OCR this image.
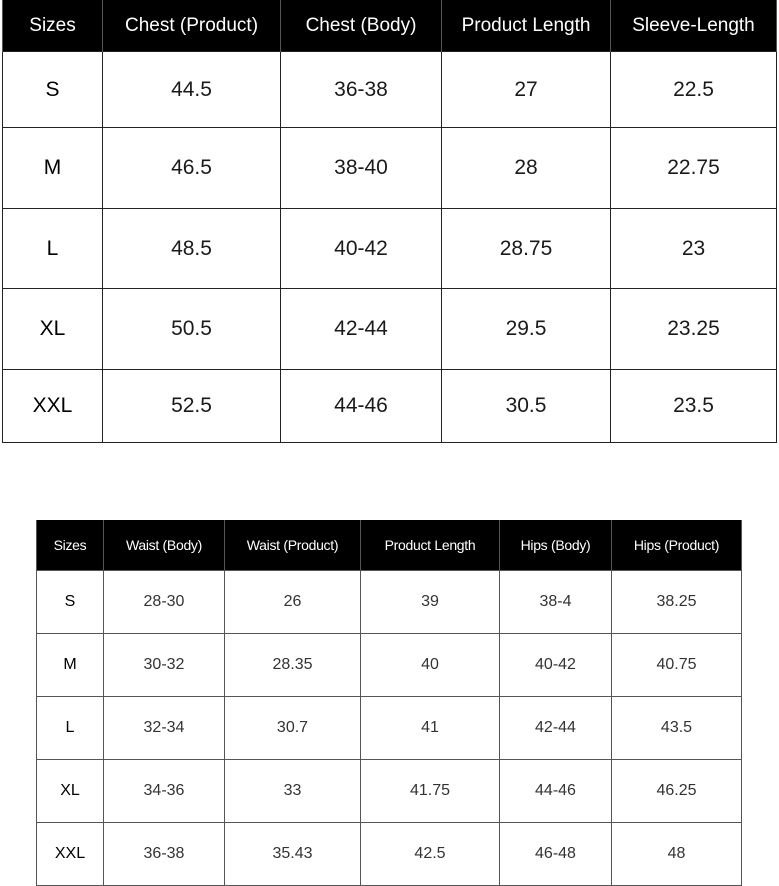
Sizes	Chest (Product)	Chest (Body)	Product Length	Sleeve-Length
S	44.5	36-38	27	22.5
M	46.5	38-40	28	22.75
L	48.5	40-42	28.75	23
XL	50.5	42-44	29.5	23.25
XXL	52.5	44-46	30.5	23.5
Sizes	Waist (Body)	Waist (Product)	Product Length	Hips (Body)	Hips (Product)
S	28-30	26	39	38-4	38.25
M	30-32	28.35	40	40-42	40.75
L	32-34	30.7	41	42-44	43.5
XL	34-36	33	41.75	44-46	46.25
XXL	36-38	35.43	42.5	46-48	48
